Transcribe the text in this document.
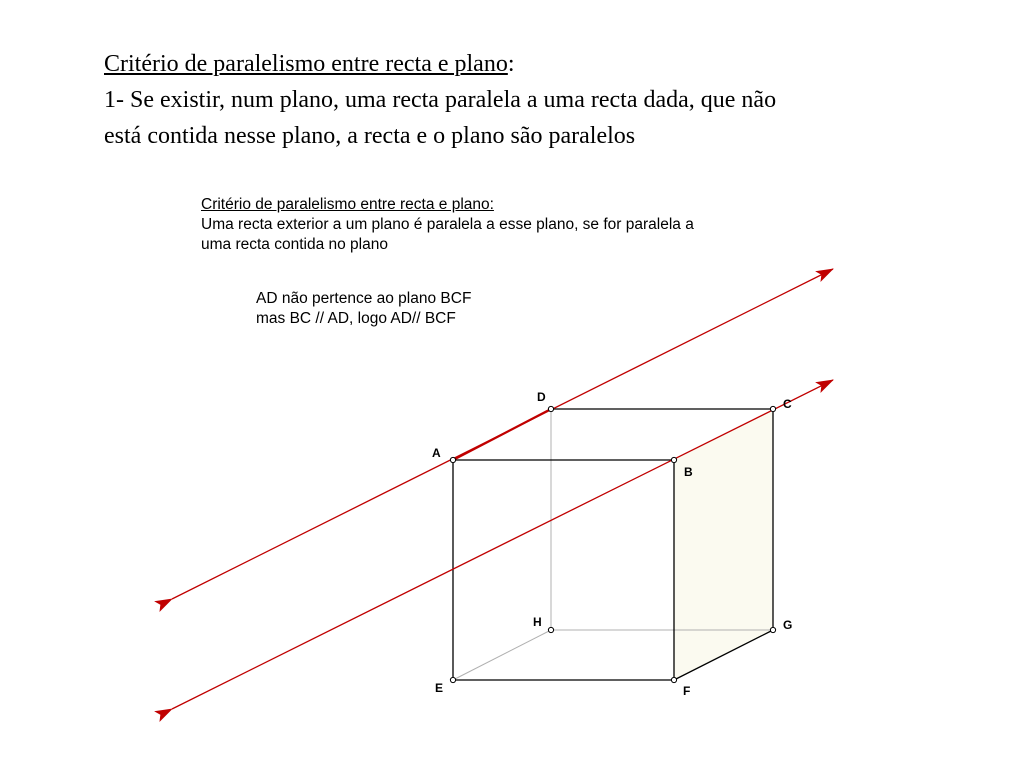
Critério de paralelismo entre recta e plano:

1- Se existir, num plano, uma recta paralela a uma recta dada, que não

está contida nesse plano, a recta e o plano são paralelos

Critério de paralelismo entre recta e plano:

Uma recta exterior a um plano é paralela a esse plano, se for paralela a

uma recta contida no plano

AD não pertence ao plano BCF

mas BC // AD, logo AD// BCF

A
B
C
D
E	F
G
H
